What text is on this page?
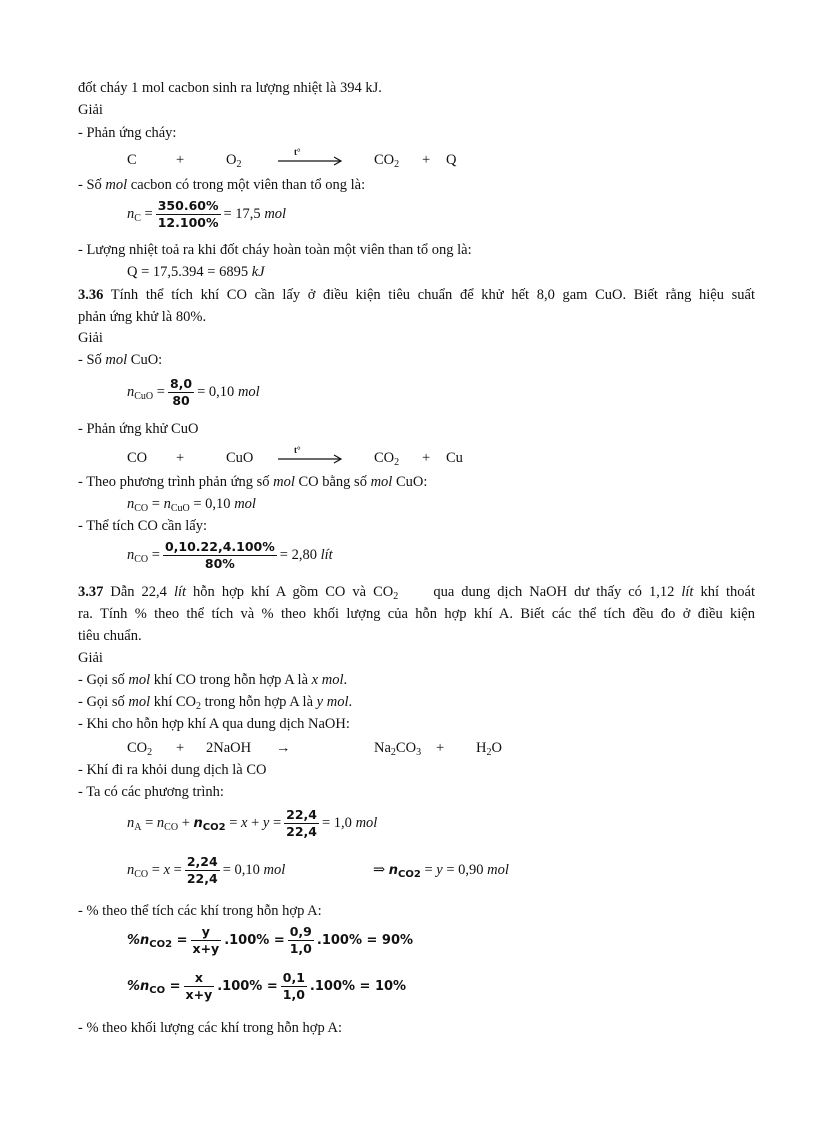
đốt cháy 1 mol cacbon sinh ra lượng nhiệt là 394 kJ.
Giải
- Phản ứng cháy:
C	+	$O_2$
t°	$CO_2 + Q$
- Số mol cacbon có trong một viên than tổ ong là:
$n_C = \frac{350.60\%}{12.100\%} = 17,5$ mol
- Lượng nhiệt toả ra khi đốt cháy hoàn toàn một viên than tổ ong là:
Q = 17,5.394 = 6895 kJ
3.36 Tính thể tích khí CO cần lấy ở điều kiện tiêu chuẩn để khử hết 8,0 gam CuO. Biết rằng hiệu suất
phản ứng khử là 80%.
Giải
- Số mol CuO:
$n_{CuO} = \frac{8,0}{80} = 0,10$ mol
- Phản ứng khử CuO
CO +	CuO	t°	$CO_2 + Cu$
- Theo phương trình phản ứng số mol CO bằng số mol CuO:
$n_{CO} = n_{CuO} = 0,10$ mol
- Thể tích CO cần lấy:
$n_{CO} = \frac{0,10.22,4.100\%}{80\%} = 2,80$ lít
3.37 Dẫn 22,4 lít hỗn hợp khí A gồm CO và $CO_2$     qua dung dịch NaOH dư thấy có 1,12 lít khí thoát
ra. Tính % theo thể tích và % theo khối lượng của hỗn hợp khí A. Biết các thể tích đều đo ở điều kiện
tiêu chuẩn.
Giải
- Gọi số mol khí CO trong hỗn hợp A là x mol.
- Gọi số mol khí $CO_2$ trong hỗn hợp A là y mol.
- Khi cho hỗn hợp khí A qua dung dịch NaOH:
$CO_2$ + 2NaOH →	$Na_2CO_3 + H_2O$
- Khí đi ra khỏi dung dịch là CO
- Ta có các phương trình:
$n_A = n_{CO} + n_{CO2} = x + y = \frac{22,4}{22,4} = 1,0$ mol
$n_{CO} = x = \frac{2,24}{22,4} = 0,10$ mol	⇒ $n_{CO2} = y = 0,90$ mol
- % theo thể tích các khí trong hỗn hợp A:
$\%n_{CO2} = \frac{y}{x+y} .100\% = \frac{0,9}{1,0} .100\% = 90\%$
$\%n_{CO} = \frac{x}{x+y} .100\% = \frac{0,1}{1,0} .100\% = 10\%$
- % theo khối lượng các khí trong hỗn hợp A:
